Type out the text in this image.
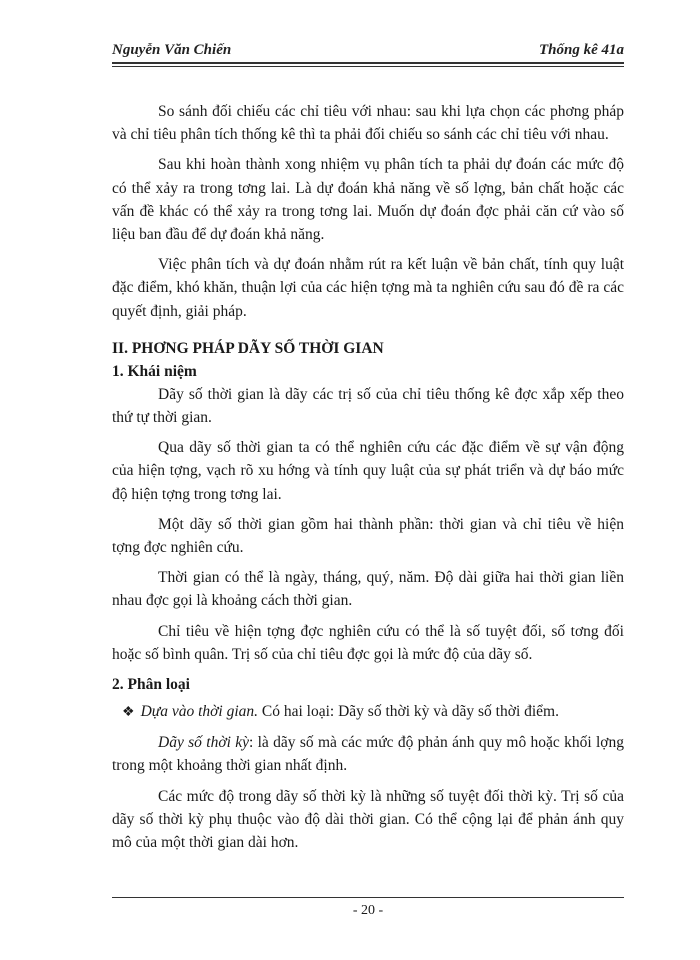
Nguyễn Văn Chiến	Thống kê 41a

So sánh đối chiếu các chỉ tiêu với nhau: sau khi lựa chọn các phơng pháp và chỉ tiêu phân tích thống kê thì ta phải đối chiếu so sánh các chỉ tiêu với nhau.

Sau khi hoàn thành xong nhiệm vụ phân tích ta phải dự đoán các mức độ có thể xảy ra trong tơng lai. Là dự đoán khả năng về số lợng, bản chất hoặc các vấn đề khác có thể xảy ra trong tơng lai. Muốn dự đoán đợc phải căn cứ vào số liệu ban đầu để dự đoán khả năng.

Việc phân tích và dự đoán nhằm rút ra kết luận về bản chất, tính quy luật đặc điểm, khó khăn, thuận lợi của các hiện tợng mà ta nghiên cứu sau đó đề ra các quyết định, giải pháp.

II. PHƠNG PHÁP DÃY SỐ THỜI GIAN
1. Khái niệm

Dãy số thời gian là dãy các trị số của chỉ tiêu thống kê đợc xắp xếp theo thứ tự thời gian.

Qua dãy số thời gian ta có thể nghiên cứu các đặc điểm về sự vận động của hiện tợng, vạch rõ xu hớng và tính quy luật của sự phát triển và dự báo mức độ hiện tợng trong tơng lai.

Một dãy số thời gian gồm hai thành phần: thời gian và chỉ tiêu về hiện tợng đợc nghiên cứu.

Thời gian có thể là ngày, tháng, quý, năm. Độ dài giữa hai thời gian liền nhau đợc gọi là khoảng cách thời gian.

Chỉ tiêu về hiện tợng đợc nghiên cứu có thể là số tuyệt đối, số tơng đối hoặc số bình quân. Trị số của chỉ tiêu đợc gọi là mức độ của dãy số.

2. Phân loại
❖ Dựa vào thời gian. Có hai loại: Dãy số thời kỳ và dãy số thời điểm.

Dãy số thời kỳ: là dãy số mà các mức độ phản ánh quy mô hoặc khối lợng trong một khoảng thời gian nhất định.

Các mức độ trong dãy số thời kỳ là những số tuyệt đối thời kỳ. Trị số của dãy số thời kỳ phụ thuộc vào độ dài thời gian. Có thể cộng lại để phản ánh quy mô của một thời gian dài hơn.

- 20 -
